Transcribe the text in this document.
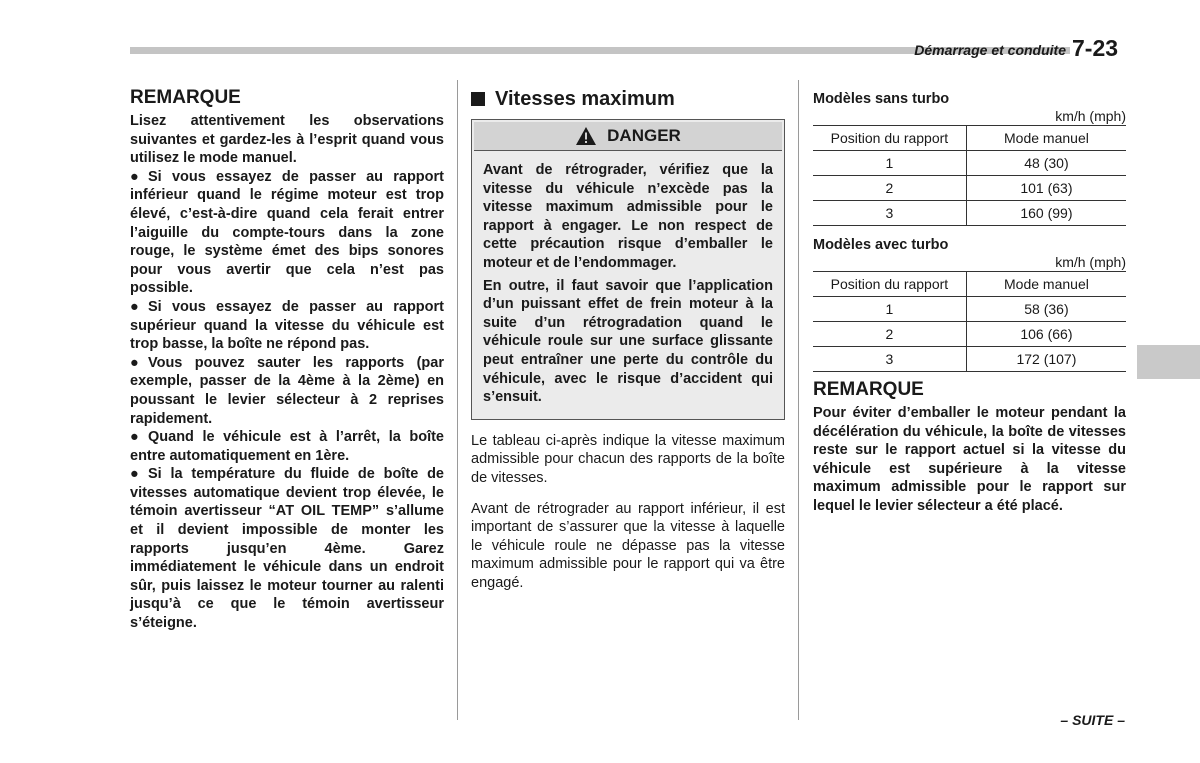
Démarrage et conduite 7-23
REMARQUE

Lisez attentivement les observations suivantes et gardez-les à l’esprit quand vous utilisez le mode manuel.

● Si vous essayez de passer au rapport inférieur quand le régime moteur est trop élevé, c’est-à-dire quand cela ferait entrer l’aiguille du compte-tours dans la zone rouge, le système émet des bips sonores pour vous avertir que cela n’est pas possible.

● Si vous essayez de passer au rapport supérieur quand la vitesse du véhicule est trop basse, la boîte ne répond pas.

● Vous pouvez sauter les rapports (par exemple, passer de la 4ème à la 2ème) en poussant le levier sélecteur à 2 reprises rapidement.

● Quand le véhicule est à l’arrêt, la boîte entre automatiquement en 1ère.

● Si la température du fluide de boîte de vitesses automatique devient trop élevée, le témoin avertisseur “AT OIL TEMP” s’allume et il devient impossible de monter les rapports jusqu’en 4ème. Garez immédiatement le véhicule dans un endroit sûr, puis laissez le moteur tourner au ralenti jusqu’à ce que le témoin avertisseur s’éteigne.

Vitesses maximum
DANGER

Avant de rétrograder, vérifiez que la vitesse du véhicule n’excède pas la vitesse maximum admissible pour le rapport à engager. Le non respect de cette précaution risque d’emballer le moteur et de l’endommager.

En outre, il faut savoir que l’application d’un puissant effet de frein moteur à la suite d’un rétrogradation quand le véhicule roule sur une surface glissante peut entraîner une perte du contrôle du véhicule, avec le risque d’accident qui s’ensuit.

Le tableau ci-après indique la vitesse maximum admissible pour chacun des rapports de la boîte de vitesses.

Avant de rétrograder au rapport inférieur, il est important de s’assurer que la vitesse à laquelle le véhicule roule ne dépasse pas la vitesse maximum admissible pour le rapport qui va être engagé.

Modèles sans turbo
km/h (mph)
Position du rapport	Mode manuel
1	48 (30)
2	101 (63)
3	160 (99)
Modèles avec turbo
km/h (mph)
Position du rapport	Mode manuel
1	58 (36)
2	106 (66)
3	172 (107)
REMARQUE

Pour éviter d’emballer le moteur pendant la décélération du véhicule, la boîte de vitesses reste sur le rapport actuel si la vitesse du véhicule est supérieure à la vitesse maximum admissible pour le rapport sur lequel le levier sélecteur a été placé.

– SUITE –
